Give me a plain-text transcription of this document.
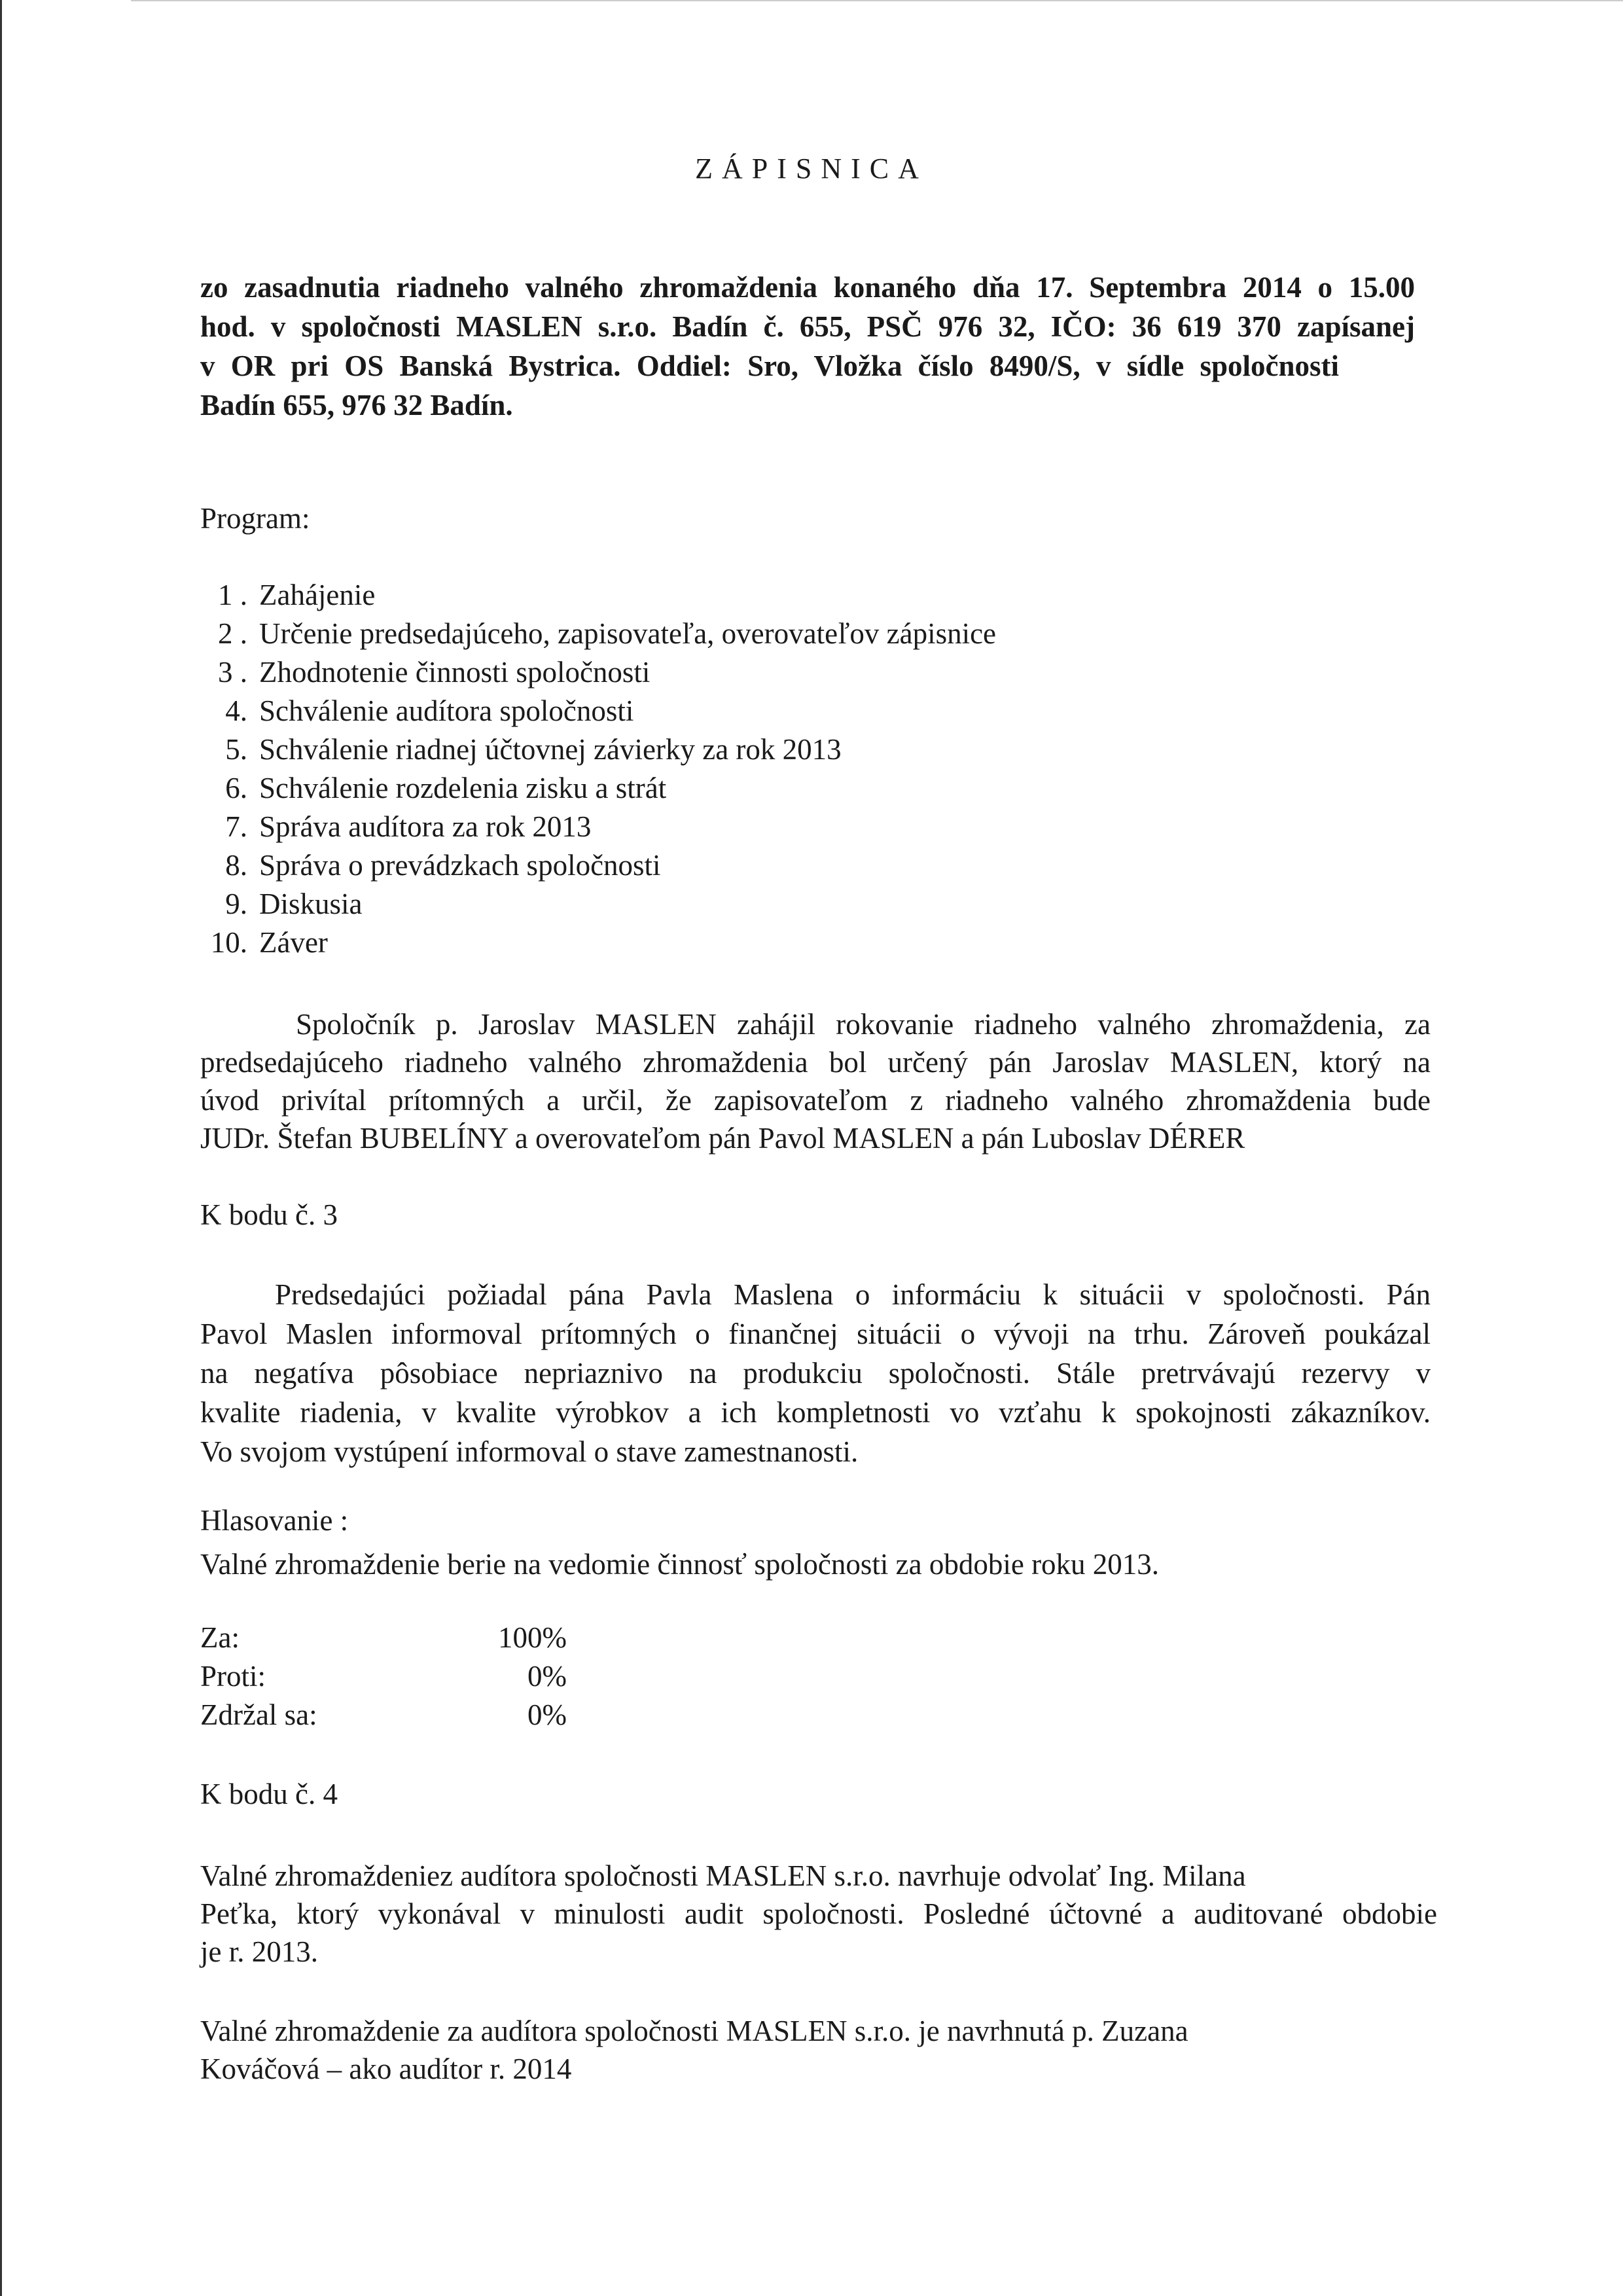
ZÁPISNICA
zo zasadnutia riadneho valného zhromaždenia konaného dňa 17. Septembra 2014 o 15.00
hod. v spoločnosti MASLEN s.r.o. Badín č. 655, PSČ 976 32, IČO: 36 619 370 zapísanej
v OR pri OS Banská Bystrica. Oddiel: Sro, Vložka číslo 8490/S, v sídle spoločnosti
Badín 655, 976 32 Badín.
Program:
1 . Zahájenie
2 . Určenie predsedajúceho, zapisovateľa, overovateľov zápisnice
3 . Zhodnotenie činnosti spoločnosti
4. Schválenie audítora spoločnosti
5. Schválenie riadnej účtovnej závierky za rok 2013
6. Schválenie rozdelenia zisku a strát
7. Správa audítora za rok 2013
8. Správa o prevádzkach spoločnosti
9. Diskusia
10. Záver
Spoločník p. Jaroslav MASLEN zahájil rokovanie riadneho valného zhromaždenia, za
predsedajúceho riadneho valného zhromaždenia bol určený pán Jaroslav MASLEN, ktorý na
úvod privítal prítomných a určil, že zapisovateľom z riadneho valného zhromaždenia bude
JUDr. Štefan BUBELÍNY a overovateľom pán Pavol MASLEN a pán Luboslav DÉRER
K bodu č. 3
Predsedajúci požiadal pána Pavla Maslena o informáciu k situácii v spoločnosti. Pán
Pavol Maslen informoval prítomných o finančnej situácii o vývoji na trhu. Zároveň poukázal
na negatíva pôsobiace nepriaznivo na produkciu spoločnosti. Stále pretrvávajú rezervy v
kvalite riadenia, v kvalite výrobkov a ich kompletnosti vo vzťahu k spokojnosti zákazníkov.
Vo svojom vystúpení informoval o stave zamestnanosti.
Hlasovanie :
Valné zhromaždenie berie na vedomie činnosť spoločnosti za obdobie roku 2013.
Za:	100%
Proti:	0%
Zdržal sa:	0%
K bodu č. 4
Valné zhromaždeniez audítora spoločnosti MASLEN s.r.o. navrhuje odvolať Ing. Milana
Peťka, ktorý vykonával v minulosti audit spoločnosti. Posledné účtovné a auditované obdobie
je r. 2013.
Valné zhromaždenie za audítora spoločnosti MASLEN s.r.o. je navrhnutá p. Zuzana
Kováčová – ako audítor r. 2014
